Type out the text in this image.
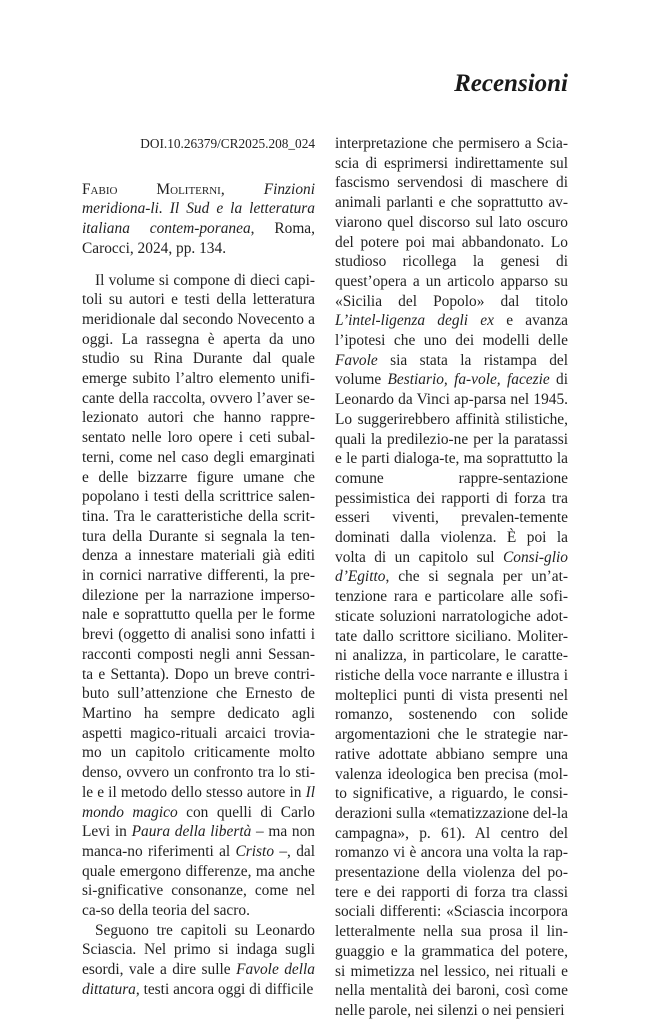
Recensioni
DOI.10.26379/CR2025.208_024

Fabio Moliterni, Finzioni meridiona-li. Il Sud e la letteratura italiana contem-poranea, Roma, Carocci, 2024, pp. 134.

Il volume si compone di dieci capi-toli su autori e testi della letteratura meridionale dal secondo Novecento a oggi. La rassegna è aperta da uno studio su Rina Durante dal quale emerge subito l’altro elemento unifi-cante della raccolta, ovvero l’aver se-lezionato autori che hanno rappre-sentato nelle loro opere i ceti subal-terni, come nel caso degli emarginati e delle bizzarre figure umane che popolano i testi della scrittrice salen-tina. Tra le caratteristiche della scrit-tura della Durante si segnala la ten-denza a innestare materiali già editi in cornici narrative differenti, la pre-dilezione per la narrazione imperso-nale e soprattutto quella per le forme brevi (oggetto di analisi sono infatti i racconti composti negli anni Sessan-ta e Settanta). Dopo un breve contri-buto sull’attenzione che Ernesto de Martino ha sempre dedicato agli aspetti magico-rituali arcaici trovia-mo un capitolo criticamente molto denso, ovvero un confronto tra lo sti-le e il metodo dello stesso autore in Il mondo magico con quelli di Carlo Levi in Paura della libertà – ma non manca-no riferimenti al Cristo –, dal quale emergono differenze, ma anche si-gnificative consonanze, come nel ca-so della teoria del sacro.

Seguono tre capitoli su Leonardo Sciascia. Nel primo si indaga sugli esordi, vale a dire sulle Favole della dittatura, testi ancora oggi di difficile

interpretazione che permisero a Scia-scia di esprimersi indirettamente sul fascismo servendosi di maschere di animali parlanti e che soprattutto av-viarono quel discorso sul lato oscuro del potere poi mai abbandonato. Lo studioso ricollega la genesi di quest’opera a un articolo apparso su «Sicilia del Popolo» dal titolo L’intel-ligenza degli ex e avanza l’ipotesi che uno dei modelli delle Favole sia stata la ristampa del volume Bestiario, fa-vole, facezie di Leonardo da Vinci ap-parsa nel 1945. Lo suggerirebbero affinità stilistiche, quali la predilezio-ne per la paratassi e le parti dialoga-te, ma soprattutto la comune rappre-sentazione pessimistica dei rapporti di forza tra esseri viventi, prevalen-temente dominati dalla violenza. È poi la volta di un capitolo sul Consi-glio d’Egitto, che si segnala per un’at-tenzione rara e particolare alle sofi-sticate soluzioni narratologiche adot-tate dallo scrittore siciliano. Moliter-ni analizza, in particolare, le caratte-ristiche della voce narrante e illustra i molteplici punti di vista presenti nel romanzo, sostenendo con solide argomentazioni che le strategie nar-rative adottate abbiano sempre una valenza ideologica ben precisa (mol-to significative, a riguardo, le consi-derazioni sulla «tematizzazione del-la campagna», p. 61). Al centro del romanzo vi è ancora una volta la rap-presentazione della violenza del po-tere e dei rapporti di forza tra classi sociali differenti: «Sciascia incorpora letteralmente nella sua prosa il lin-guaggio e la grammatica del potere, si mimetizza nel lessico, nei rituali e nella mentalità dei baroni, così come nelle parole, nei silenzi o nei pensieri
